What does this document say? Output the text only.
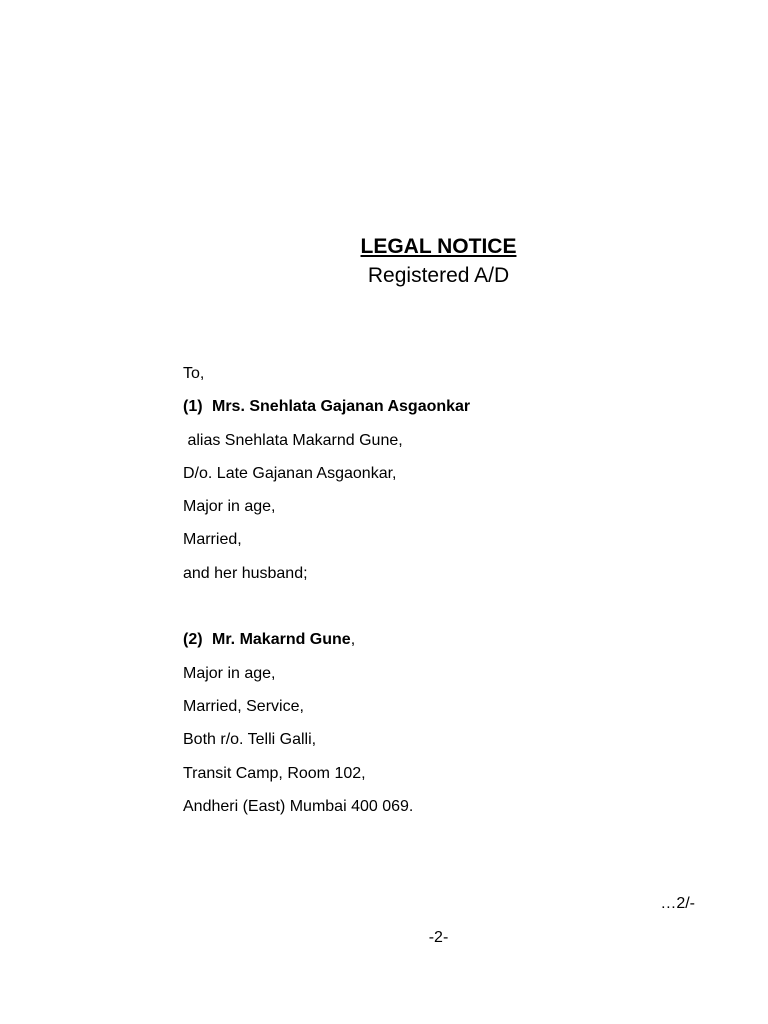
LEGAL NOTICE
Registered A/D
To,
(1) Mrs. Snehlata Gajanan Asgaonkar
alias Snehlata Makarnd Gune,
D/o. Late Gajanan Asgaonkar,
Major in age,
Married,
and her husband;
(2) Mr. Makarnd Gune,
Major in age,
Married, Service,
Both r/o. Telli Galli,
Transit Camp, Room 102,
Andheri (East) Mumbai 400 069.
…2/-
-2-
